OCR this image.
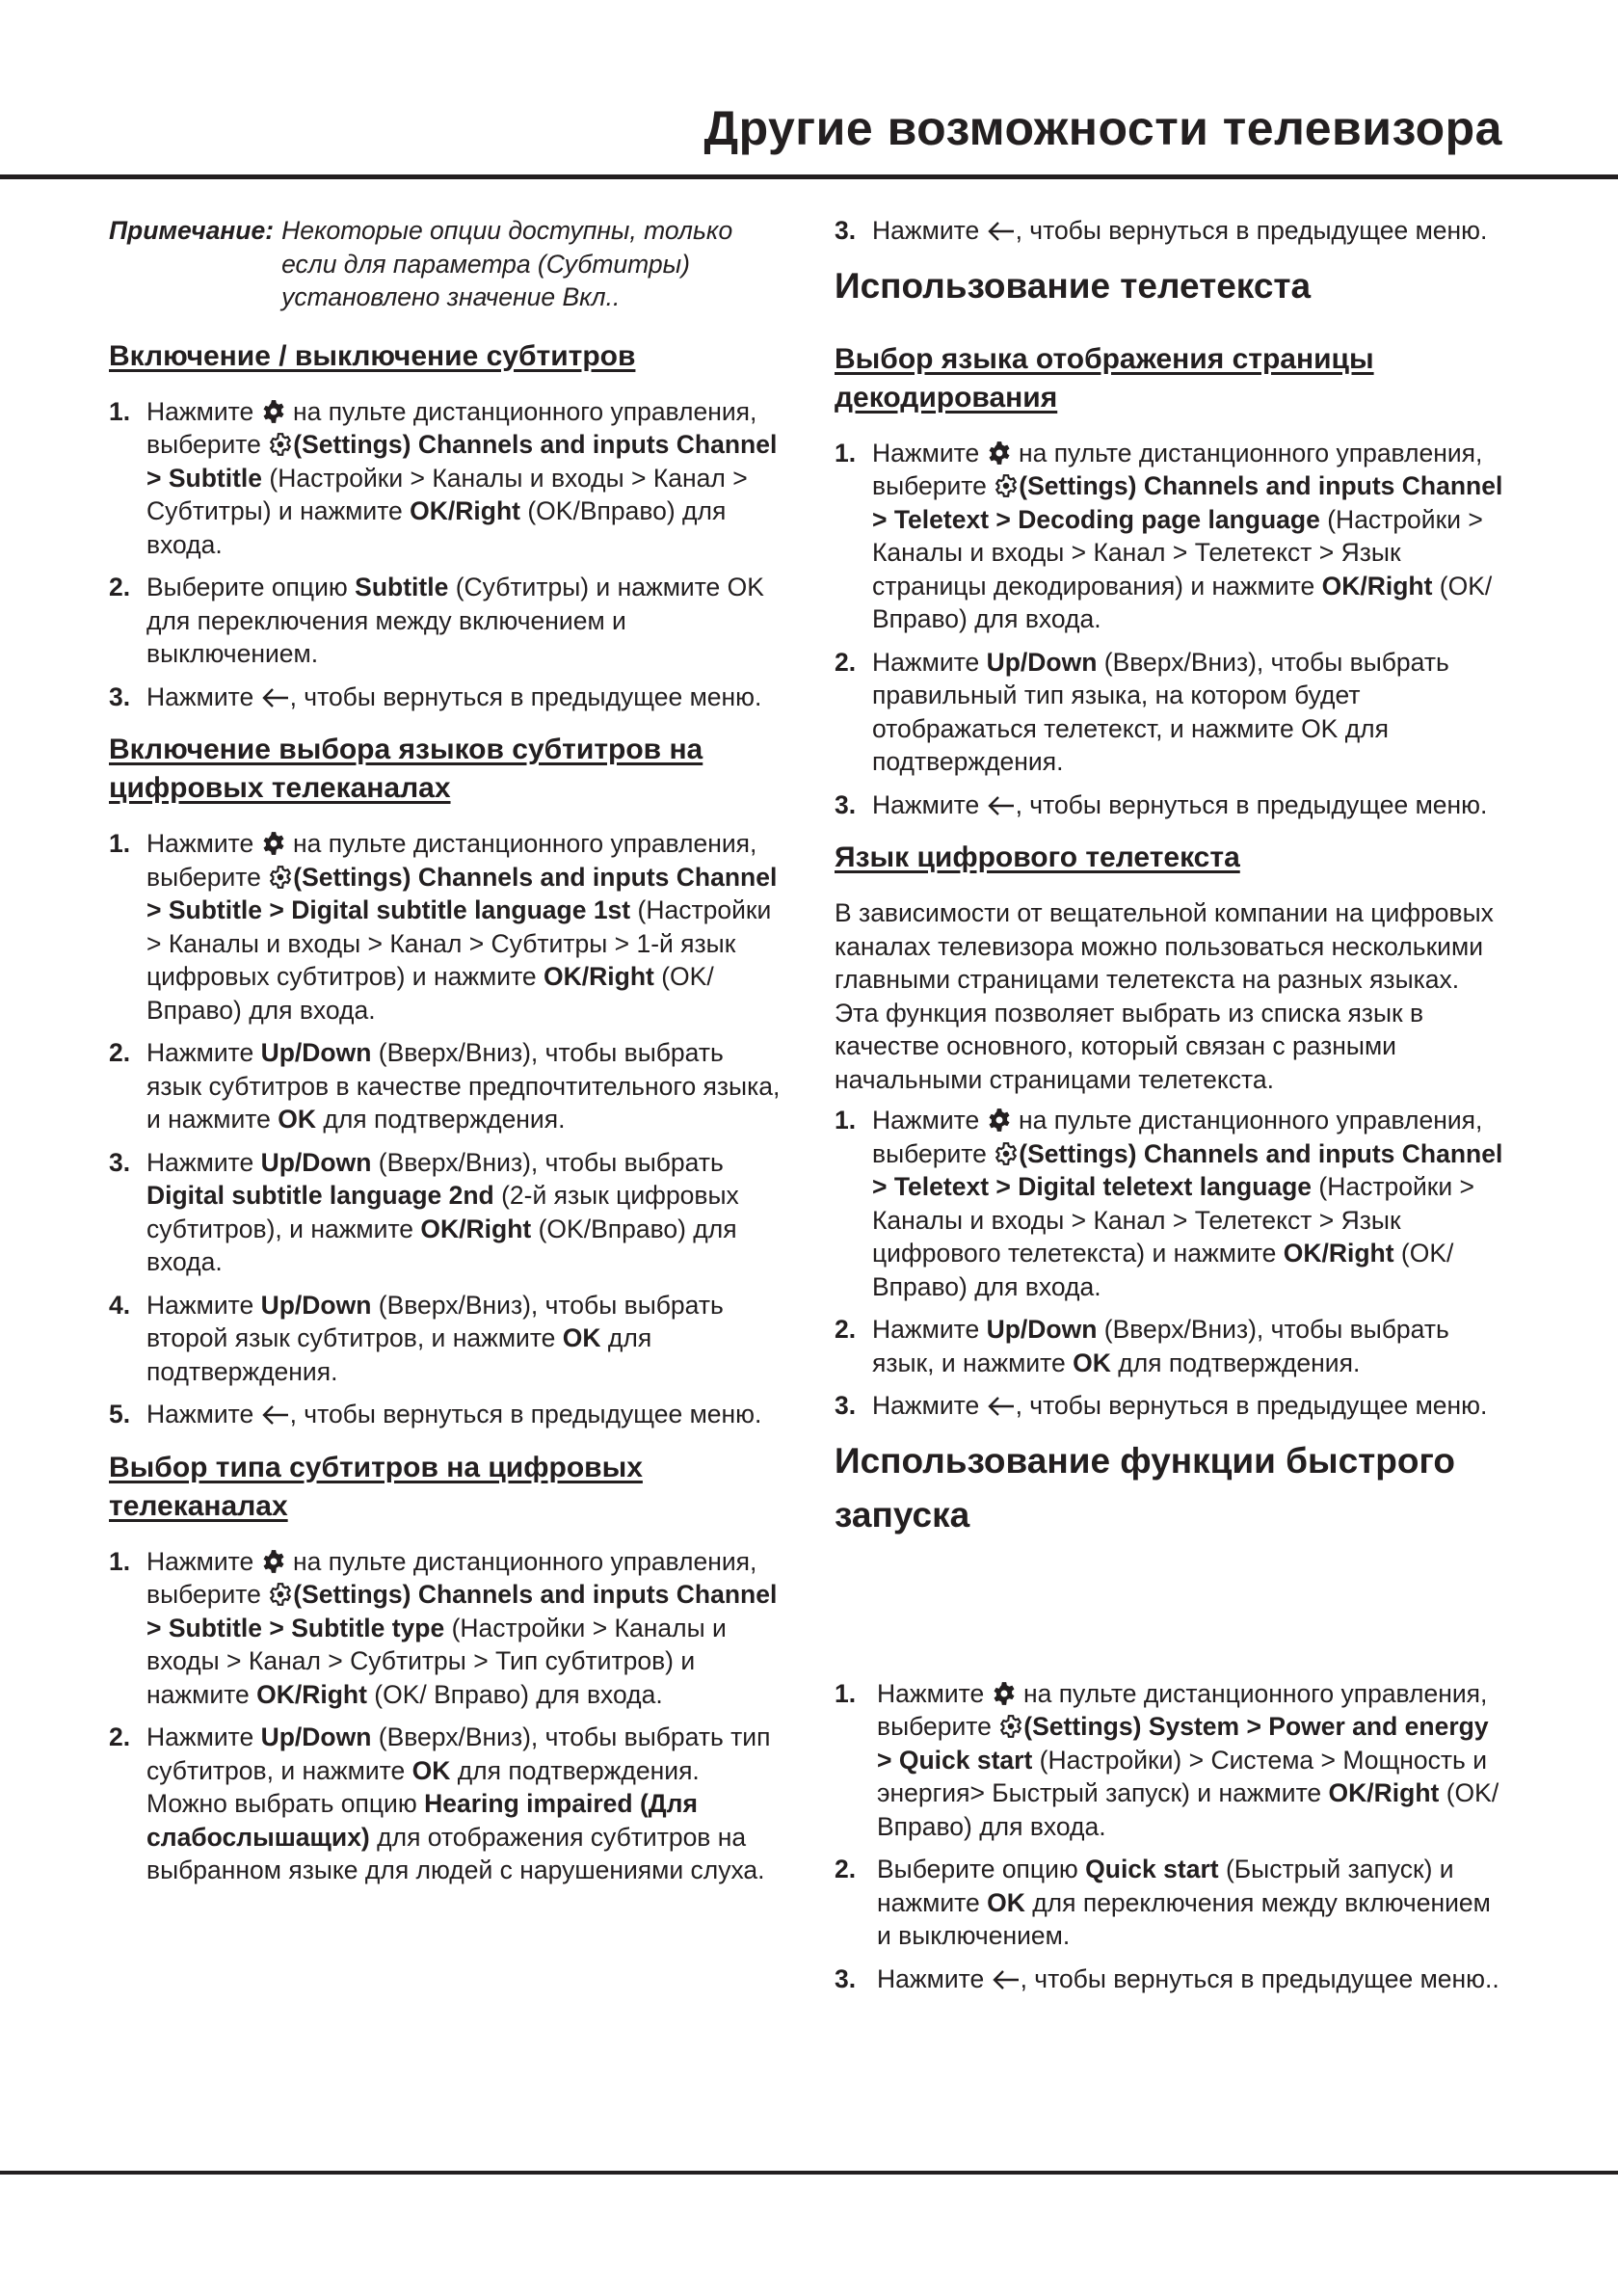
Другие возможности телевизора
Примечание: Некоторые опции доступны, только если для параметра (Субтитры) установлено значение Вкл..
Включение / выключение субтитров
1. Нажмите на пульте дистанционного управления, выберите (Settings) Channels and inputs Channel > Subtitle (Настройки > Каналы и входы > Канал > Субтитры) и нажмите OK/Right (OK/Вправо) для входа.
2. Выберите опцию Subtitle (Субтитры) и нажмите OK для переключения между включением и выключением.
3. Нажмите , чтобы вернуться в предыдущее меню.
Включение выбора языков субтитров на цифровых телеканалах
1. Нажмите на пульте дистанционного управления, выберите (Settings) Channels and inputs Channel > Subtitle > Digital subtitle language 1st (Настройки > Каналы и входы > Канал > Субтитры > 1-й язык цифровых субтитров) и нажмите OK/Right (OK/Вправо) для входа.
2. Нажмите Up/Down (Вверх/Вниз), чтобы выбрать язык субтитров в качестве предпочтительного языка, и нажмите OK для подтверждения.
3. Нажмите Up/Down (Вверх/Вниз), чтобы выбрать Digital subtitle language 2nd (2-й язык цифровых субтитров), и нажмите OK/Right (OK/Вправо) для входа.
4. Нажмите Up/Down (Вверх/Вниз), чтобы выбрать второй язык субтитров, и нажмите OK для подтверждения.
5. Нажмите , чтобы вернуться в предыдущее меню.
Выбор типа субтитров на цифровых телеканалах
1. Нажмите на пульте дистанционного управления, выберите (Settings) Channels and inputs Channel > Subtitle > Subtitle type (Настройки > Каналы и входы > Канал > Субтитры > Тип субтитров) и нажмите OK/Right (OK/ Вправо) для входа.
2. Нажмите Up/Down (Вверх/Вниз), чтобы выбрать тип субтитров, и нажмите OK для подтверждения. Можно выбрать опцию Hearing impaired (Для слабослышащих) для отображения субтитров на выбранном языке для людей с нарушениями слуха.
3. Нажмите , чтобы вернуться в предыдущее меню.
Использование телетекста
Выбор языка отображения страницы декодирования
1. Нажмите на пульте дистанционного управления, выберите (Settings) Channels and inputs Channel > Teletext > Decoding page language (Настройки > Каналы и входы > Канал > Телетекст > Язык страницы декодирования) и нажмите OK/Right (OK/Вправо) для входа.
2. Нажмите Up/Down (Вверх/Вниз), чтобы выбрать правильный тип языка, на котором будет отображаться телетекст, и нажмите OK для подтверждения.
3. Нажмите , чтобы вернуться в предыдущее меню.
Язык цифрового телетекста

В зависимости от вещательной компании на цифровых каналах телевизора можно пользоваться несколькими главными страницами телетекста на разных языках. Эта функция позволяет выбрать из списка язык в качестве основного, который связан с разными начальными страницами телетекста.

1. Нажмите на пульте дистанционного управления, выберите (Settings) Channels and inputs Channel > Teletext > Digital teletext language (Настройки > Каналы и входы > Канал > Телетекст > Язык цифрового телетекста) и нажмите OK/Right (OK/Вправо) для входа.
2. Нажмите Up/Down (Вверх/Вниз), чтобы выбрать язык, и нажмите OK для подтверждения.
3. Нажмите , чтобы вернуться в предыдущее меню.
Использование функции быстрого запуска
1. Нажмите на пульте дистанционного управления, выберите (Settings) System > Power and energy > Quick start (Настройки) > Система > Мощность и энергия> Быстрый запуск) и нажмите OK/Right (OK/Вправо) для входа.
2. Выберите опцию Quick start (Быстрый запуск) и нажмите OK для переключения между включением и выключением.
3. Нажмите , чтобы вернуться в предыдущее меню..
